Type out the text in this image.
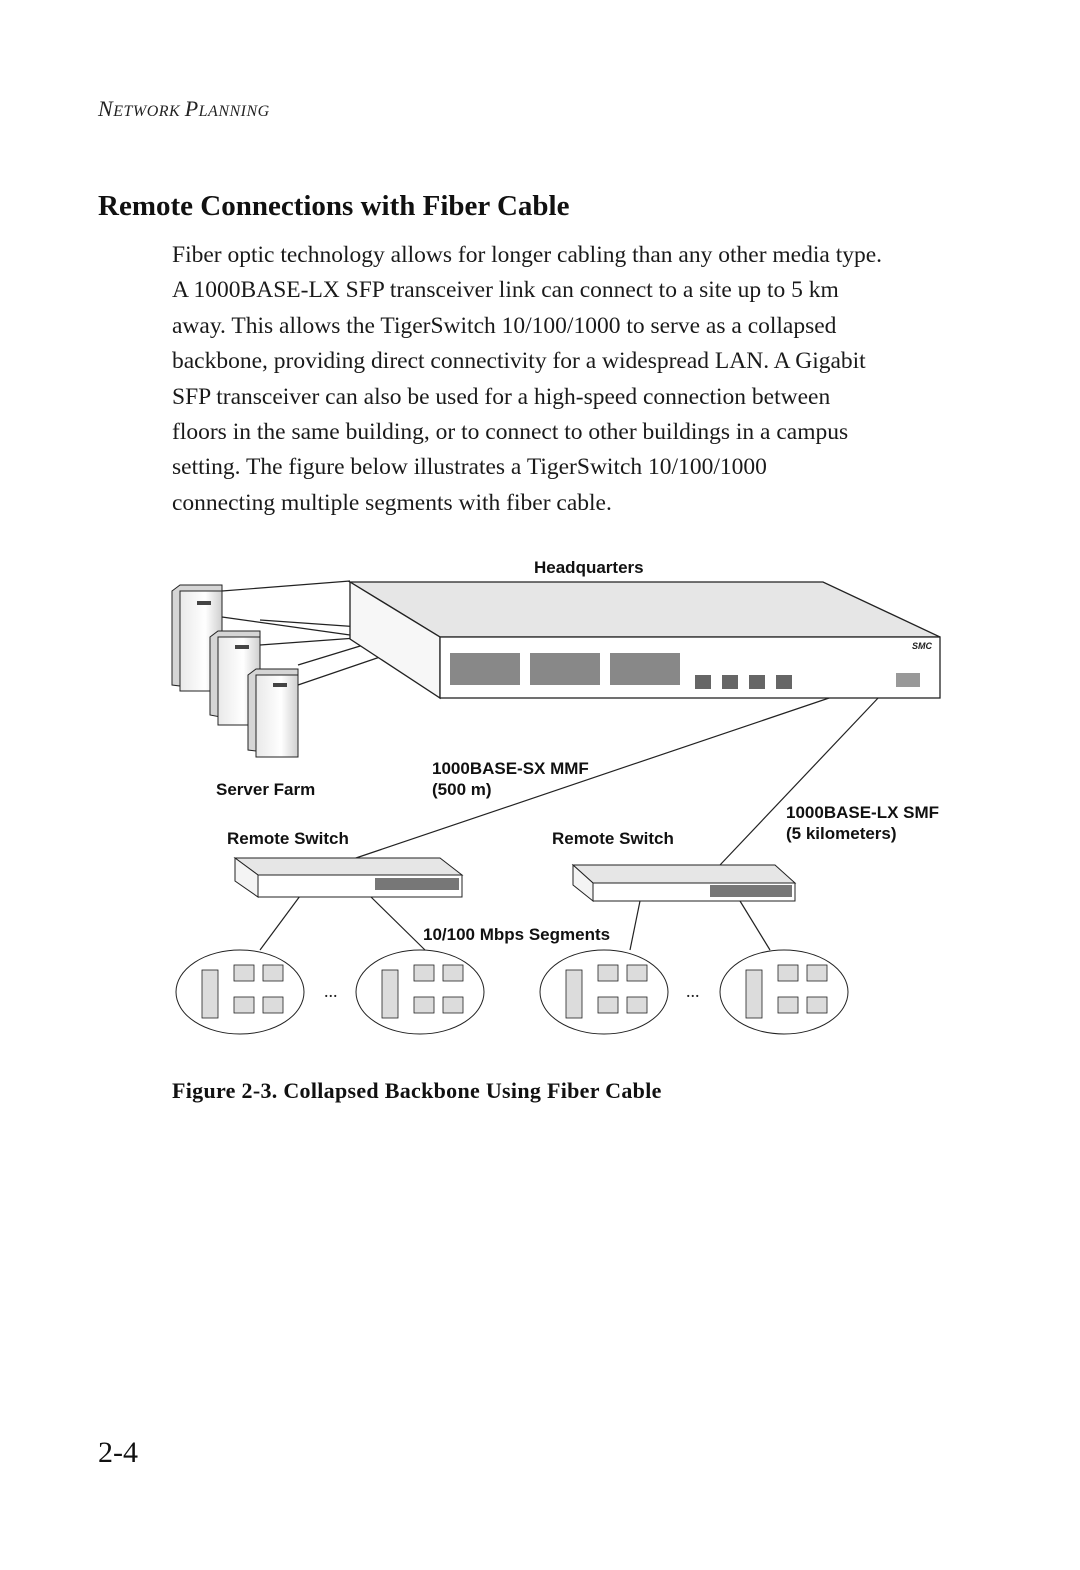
NETWORK PLANNING
Remote Connections with Fiber Cable

Fiber optic technology allows for longer cabling than any other media type.
A 1000BASE-LX SFP transceiver link can connect to a site up to 5 km
away. This allows the TigerSwitch 10/100/1000 to serve as a collapsed
backbone, providing direct connectivity for a widespread LAN. A Gigabit
SFP transceiver can also be used for a high-speed connection between
floors in the same building, or to connect to other buildings in a campus
setting. The figure below illustrates a TigerSwitch 10/100/1000
connecting multiple segments with fiber cable.

SMC
Headquarters
1000BASE-SX MMF
(500 m)
Server Farm
1000BASE-LX SMF
(5 kilometers)
Remote Switch	Remote Switch
10/100 Mbps Segments
...	...

Figure 2-3. Collapsed Backbone Using Fiber Cable

2-4
